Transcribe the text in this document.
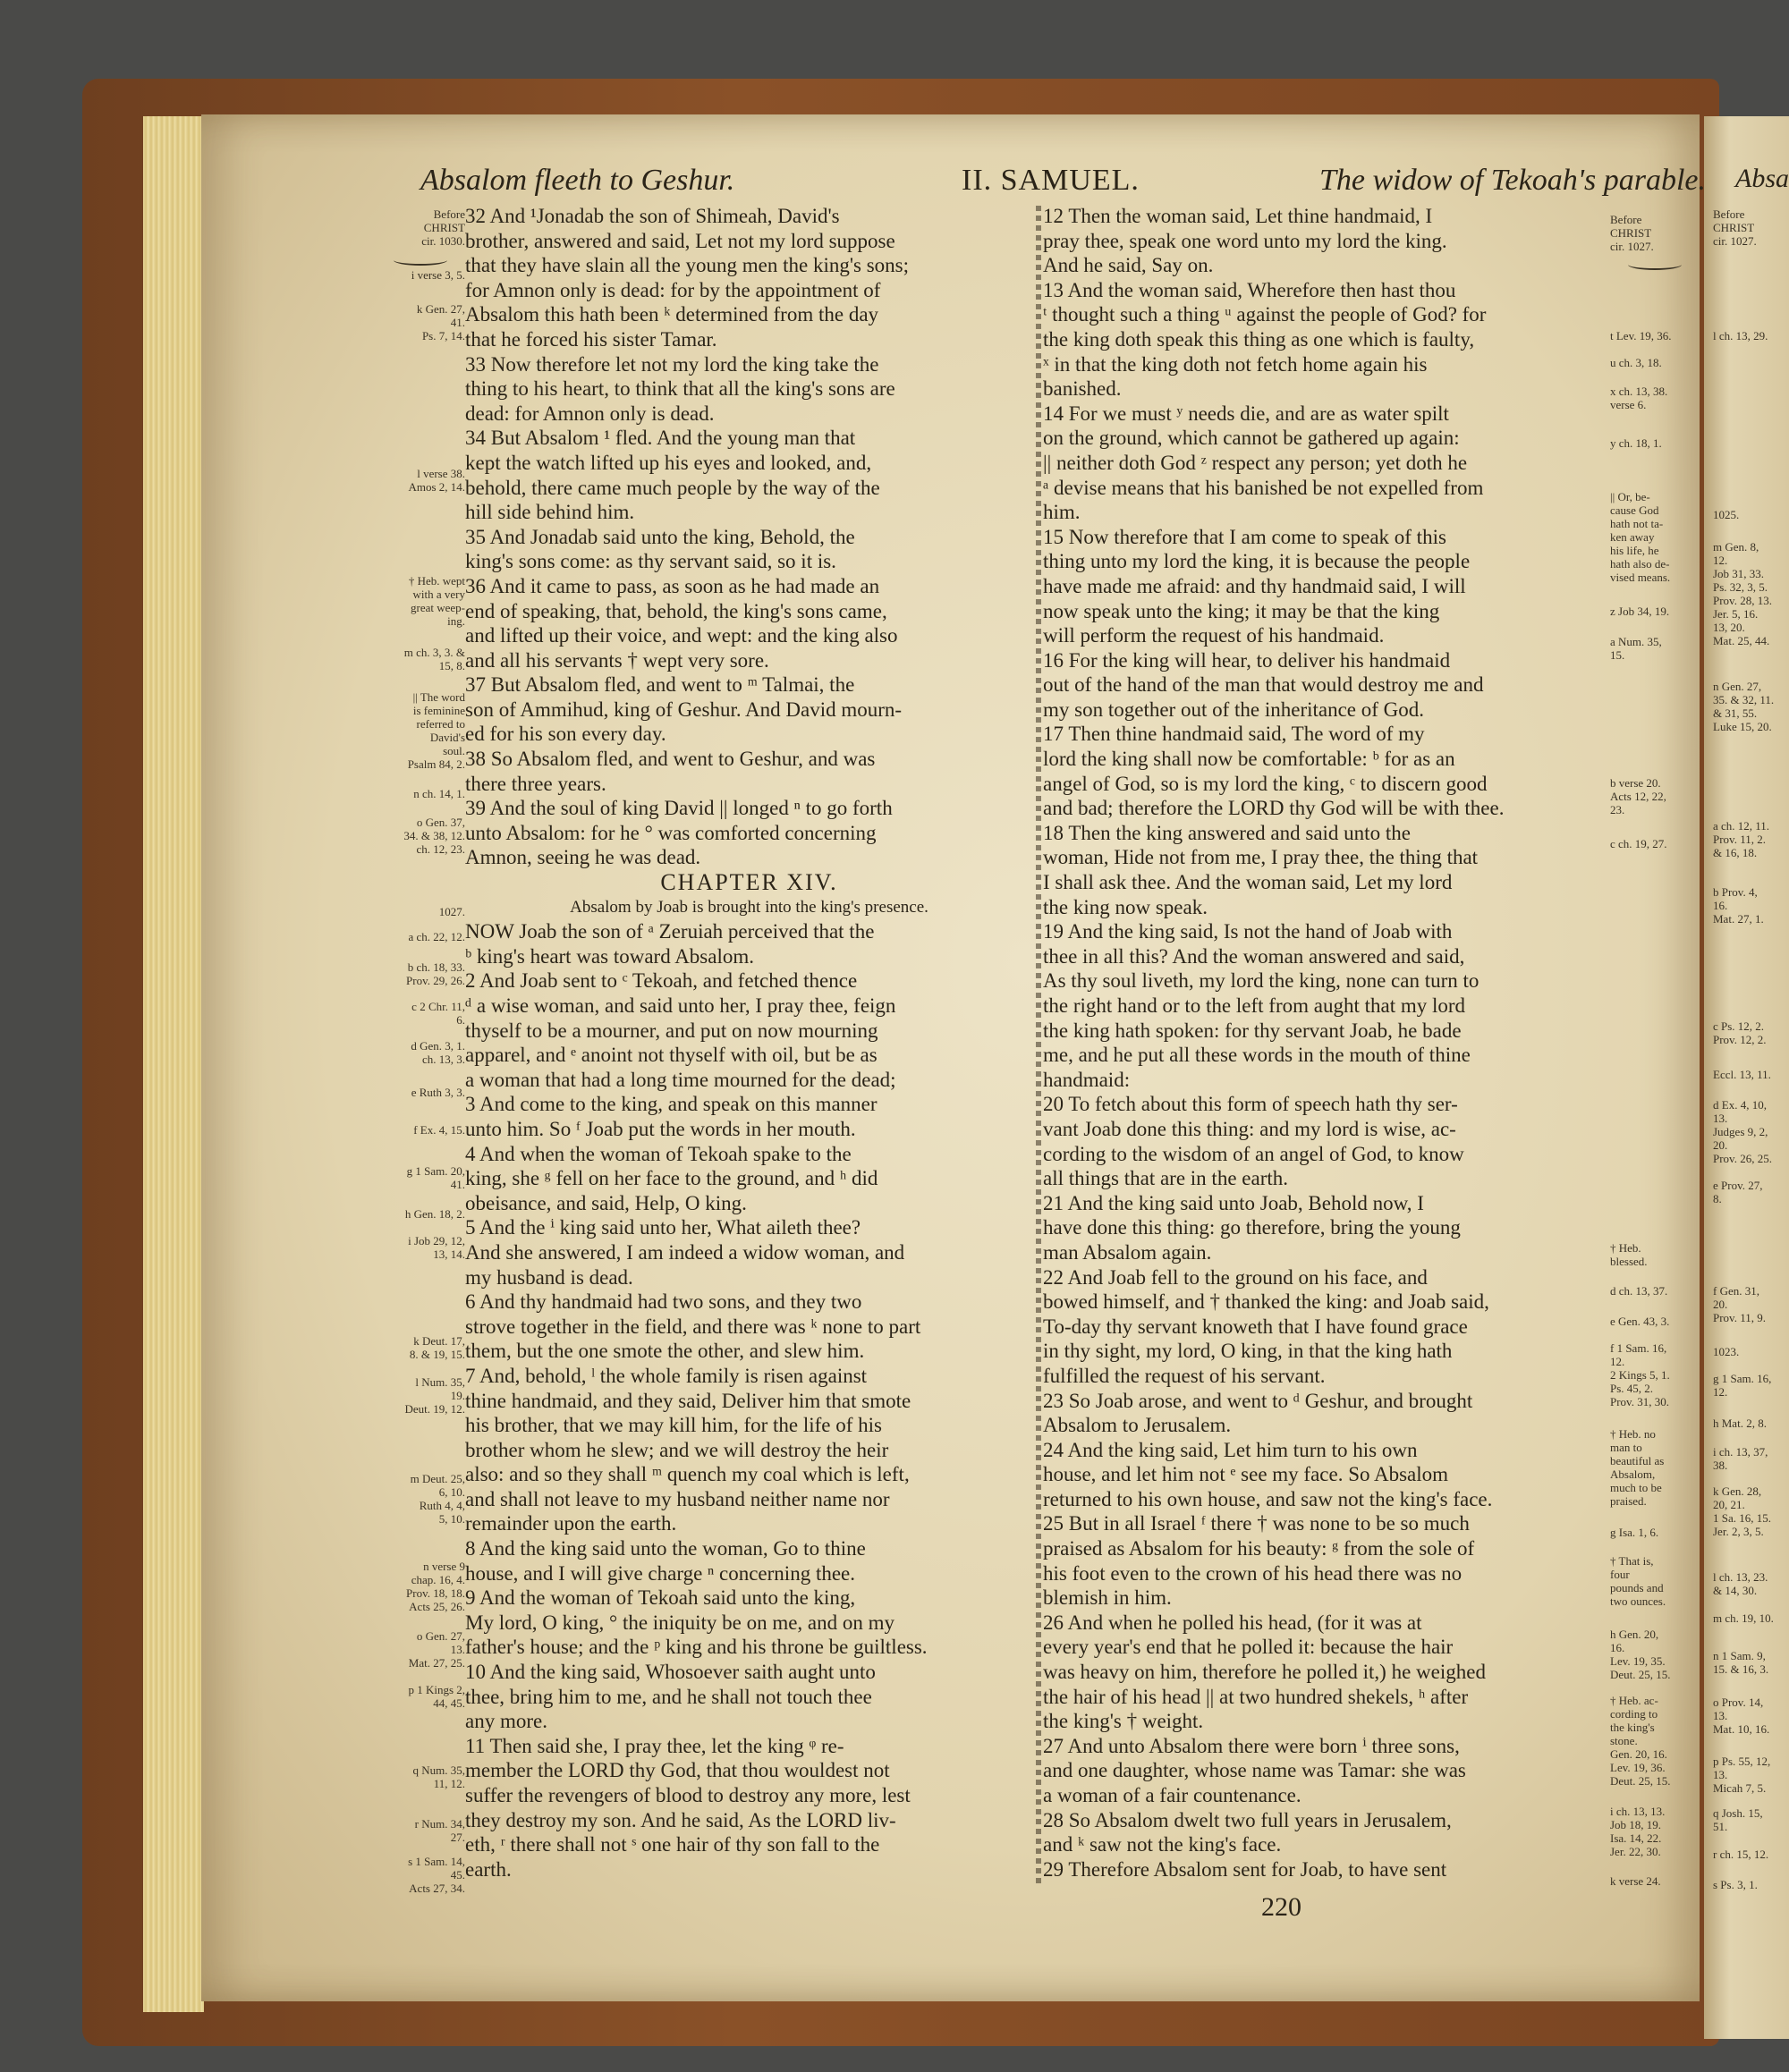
Absalom fleeth to Geshur.	II. SAMUEL.	The widow of Tekoah's parable. Absa

32 And ¹Jonadab the son of Shimeah, David's

brother, answered and said, Let not my lord suppose

that they have slain all the young men the king's sons;

for Amnon only is dead: for by the appointment of

Absalom this hath been ᵏ determined from the day

that he forced his sister Tamar.

33 Now therefore let not my lord the king take the

thing to his heart, to think that all the king's sons are

dead: for Amnon only is dead.

34 But Absalom ¹ fled. And the young man that

kept the watch lifted up his eyes and looked, and,

behold, there came much people by the way of the

hill side behind him.

35 And Jonadab said unto the king, Behold, the

king's sons come: as thy servant said, so it is.

36 And it came to pass, as soon as he had made an

end of speaking, that, behold, the king's sons came,

and lifted up their voice, and wept: and the king also

and all his servants † wept very sore.

37 But Absalom fled, and went to ᵐ Talmai, the

son of Ammihud, king of Geshur. And David mourn-

ed for his son every day.

38 So Absalom fled, and went to Geshur, and was

there three years.

39 And the soul of king David || longed ⁿ to go forth

unto Absalom: for he ° was comforted concerning

Amnon, seeing he was dead.

CHAPTER XIV.

Absalom by Joab is brought into the king's presence.

NOW Joab the son of ᵃ Zeruiah perceived that the

ᵇ king's heart was toward Absalom.

2 And Joab sent to ᶜ Tekoah, and fetched thence

ᵈ a wise woman, and said unto her, I pray thee, feign

thyself to be a mourner, and put on now mourning

apparel, and ᵉ anoint not thyself with oil, but be as

a woman that had a long time mourned for the dead;

3 And come to the king, and speak on this manner

unto him. So ᶠ Joab put the words in her mouth.

4 And when the woman of Tekoah spake to the

king, she ᵍ fell on her face to the ground, and ʰ did

obeisance, and said, Help, O king.

5 And the ⁱ king said unto her, What aileth thee?

And she answered, I am indeed a widow woman, and

my husband is dead.

6 And thy handmaid had two sons, and they two

strove together in the field, and there was ᵏ none to part

them, but the one smote the other, and slew him.

7 And, behold, ˡ the whole family is risen against

thine handmaid, and they said, Deliver him that smote

his brother, that we may kill him, for the life of his

brother whom he slew; and we will destroy the heir

also: and so they shall ᵐ quench my coal which is left,

and shall not leave to my husband neither name nor

remainder upon the earth.

8 And the king said unto the woman, Go to thine

house, and I will give charge ⁿ concerning thee.

9 And the woman of Tekoah said unto the king,

My lord, O king, ° the iniquity be on me, and on my

father's house; and the ᵖ king and his throne be guiltless.

10 And the king said, Whosoever saith aught unto

thee, bring him to me, and he shall not touch thee

any more.

11 Then said she, I pray thee, let the king ᵠ re-

member the LORD thy God, that thou wouldest not

suffer the revengers of blood to destroy any more, lest

they destroy my son. And he said, As the LORD liv-

eth, ʳ there shall not ˢ one hair of thy son fall to the

earth.

12 Then the woman said, Let thine handmaid, I

pray thee, speak one word unto my lord the king.

And he said, Say on.

13 And the woman said, Wherefore then hast thou

ᵗ thought such a thing ᵘ against the people of God? for

the king doth speak this thing as one which is faulty,

ˣ in that the king doth not fetch home again his

banished.

14 For we must ʸ needs die, and are as water spilt

on the ground, which cannot be gathered up again:

|| neither doth God ᶻ respect any person; yet doth he

ᵃ devise means that his banished be not expelled from

him.

15 Now therefore that I am come to speak of this

thing unto my lord the king, it is because the people

have made me afraid: and thy handmaid said, I will

now speak unto the king; it may be that the king

will perform the request of his handmaid.

16 For the king will hear, to deliver his handmaid

out of the hand of the man that would destroy me and

my son together out of the inheritance of God.

17 Then thine handmaid said, The word of my

lord the king shall now be comfortable: ᵇ for as an

angel of God, so is my lord the king, ᶜ to discern good

and bad; therefore the LORD thy God will be with thee.

18 Then the king answered and said unto the

woman, Hide not from me, I pray thee, the thing that

I shall ask thee. And the woman said, Let my lord

the king now speak.

19 And the king said, Is not the hand of Joab with

thee in all this? And the woman answered and said,

As thy soul liveth, my lord the king, none can turn to

the right hand or to the left from aught that my lord

the king hath spoken: for thy servant Joab, he bade

me, and he put all these words in the mouth of thine

handmaid:

20 To fetch about this form of speech hath thy ser-

vant Joab done this thing: and my lord is wise, ac-

cording to the wisdom of an angel of God, to know

all things that are in the earth.

21 And the king said unto Joab, Behold now, I

have done this thing: go therefore, bring the young

man Absalom again.

22 And Joab fell to the ground on his face, and

bowed himself, and † thanked the king: and Joab said,

To-day thy servant knoweth that I have found grace

in thy sight, my lord, O king, in that the king hath

fulfilled the request of his servant.

23 So Joab arose, and went to ᵈ Geshur, and brought

Absalom to Jerusalem.

24 And the king said, Let him turn to his own

house, and let him not ᵉ see my face. So Absalom

returned to his own house, and saw not the king's face.

25 But in all Israel ᶠ there † was none to be so much

praised as Absalom for his beauty: ᵍ from the sole of

his foot even to the crown of his head there was no

blemish in him.

26 And when he polled his head, (for it was at

every year's end that he polled it: because the hair

was heavy on him, therefore he polled it,) he weighed

the hair of his head || at two hundred shekels, ʰ after

the king's † weight.

27 And unto Absalom there were born ⁱ three sons,

and one daughter, whose name was Tamar: she was

a woman of a fair countenance.

28 So Absalom dwelt two full years in Jerusalem,

and ᵏ saw not the king's face.

29 Therefore Absalom sent for Joab, to have sent

Before
CHRIST
cir. 1030.
i verse 3, 5.
k Gen. 27,
41.
Ps. 7, 14.
l verse 38.
Amos 2, 14.
† Heb. wept
with a very
great weep-
ing.
m ch. 3, 3. &
15, 8.
|| The word
is feminine
referred to
David's
soul.
Psalm 84, 2.
n ch. 14, 1.
o Gen. 37,
34. & 38, 12.
ch. 12, 23.
1027.
a ch. 22, 12.
b ch. 18, 33.
Prov. 29, 26.
c 2 Chr. 11,
6.
d Gen. 3, 1.
ch. 13, 3.
e Ruth 3, 3.
f Ex. 4, 15.
g 1 Sam. 20,
41.
h Gen. 18, 2.
i Job 29, 12,
13, 14.
k Deut. 17,
8. & 19, 15.
l Num. 35,
19.
Deut. 19, 12.
m Deut. 25,
6, 10.
Ruth 4, 4,
5, 10.
n verse 9
chap. 16, 4.
Prov. 18, 18.
Acts 25, 26.
o Gen. 27,
13.
Mat. 27, 25.
p 1 Kings 2,
44, 45.
q Num. 35,
11, 12.
r Num. 34,
27.
s 1 Sam. 14,
45.
Acts 27, 34.
Before
CHRIST
cir. 1027.
t Lev. 19, 36.
u ch. 3, 18.
x ch. 13, 38.
verse 6.
y ch. 18, 1.
|| Or, be-
cause God
hath not ta-
ken away
his life, he
hath also de-
vised means.
z Job 34, 19.
a Num. 35,
15.
b verse 20.
Acts 12, 22,
23.
c ch. 19, 27.
† Heb.
blessed.
d ch. 13, 37.
e Gen. 43, 3.
f 1 Sam. 16,
12.
2 Kings 5, 1.
Ps. 45, 2.
Prov. 31, 30.
† Heb. no
man to
beautiful as
Absalom,
much to be
praised.
g Isa. 1, 6.
† That is,
four
pounds and
two ounces.
h Gen. 20,
16.
Lev. 19, 35.
Deut. 25, 15.
† Heb. ac-
cording to
the king's
stone.
Gen. 20, 16.
Lev. 19, 36.
Deut. 25, 15.
i ch. 13, 13.
Job 18, 19.
Isa. 14, 22.
Jer. 22, 30.
k verse 24.
Before
CHRIST
cir. 1027.
l ch. 13, 29.
1025.
m Gen. 8,
12.
Job 31, 33.
Ps. 32, 3, 5.
Prov. 28, 13.
Jer. 5, 16.
13, 20.
Mat. 25, 44.
n Gen. 27,
35. & 32, 11.
& 31, 55.
Luke 15, 20.
a ch. 12, 11.
Prov. 11, 2.
& 16, 18.
b Prov. 4,
16.
Mat. 27, 1.
c Ps. 12, 2.
Prov. 12, 2.
Eccl. 13, 11.
d Ex. 4, 10,
13.
Judges 9, 2,
20.
Prov. 26, 25.
e Prov. 27,
8.
f Gen. 31,
20.
Prov. 11, 9.
1023.
g 1 Sam. 16,
12.
h Mat. 2, 8.
i ch. 13, 37,
38.
k Gen. 28,
20, 21.
1 Sa. 16, 15.
Jer. 2, 3, 5.
l ch. 13, 23.
& 14, 30.
m ch. 19, 10.
n 1 Sam. 9,
15. & 16, 3.
o Prov. 14,
13.
Mat. 10, 16.
p Ps. 55, 12,
13.
Micah 7, 5.
q Josh. 15,
51.
r ch. 15, 12.
s Ps. 3, 1.
220
